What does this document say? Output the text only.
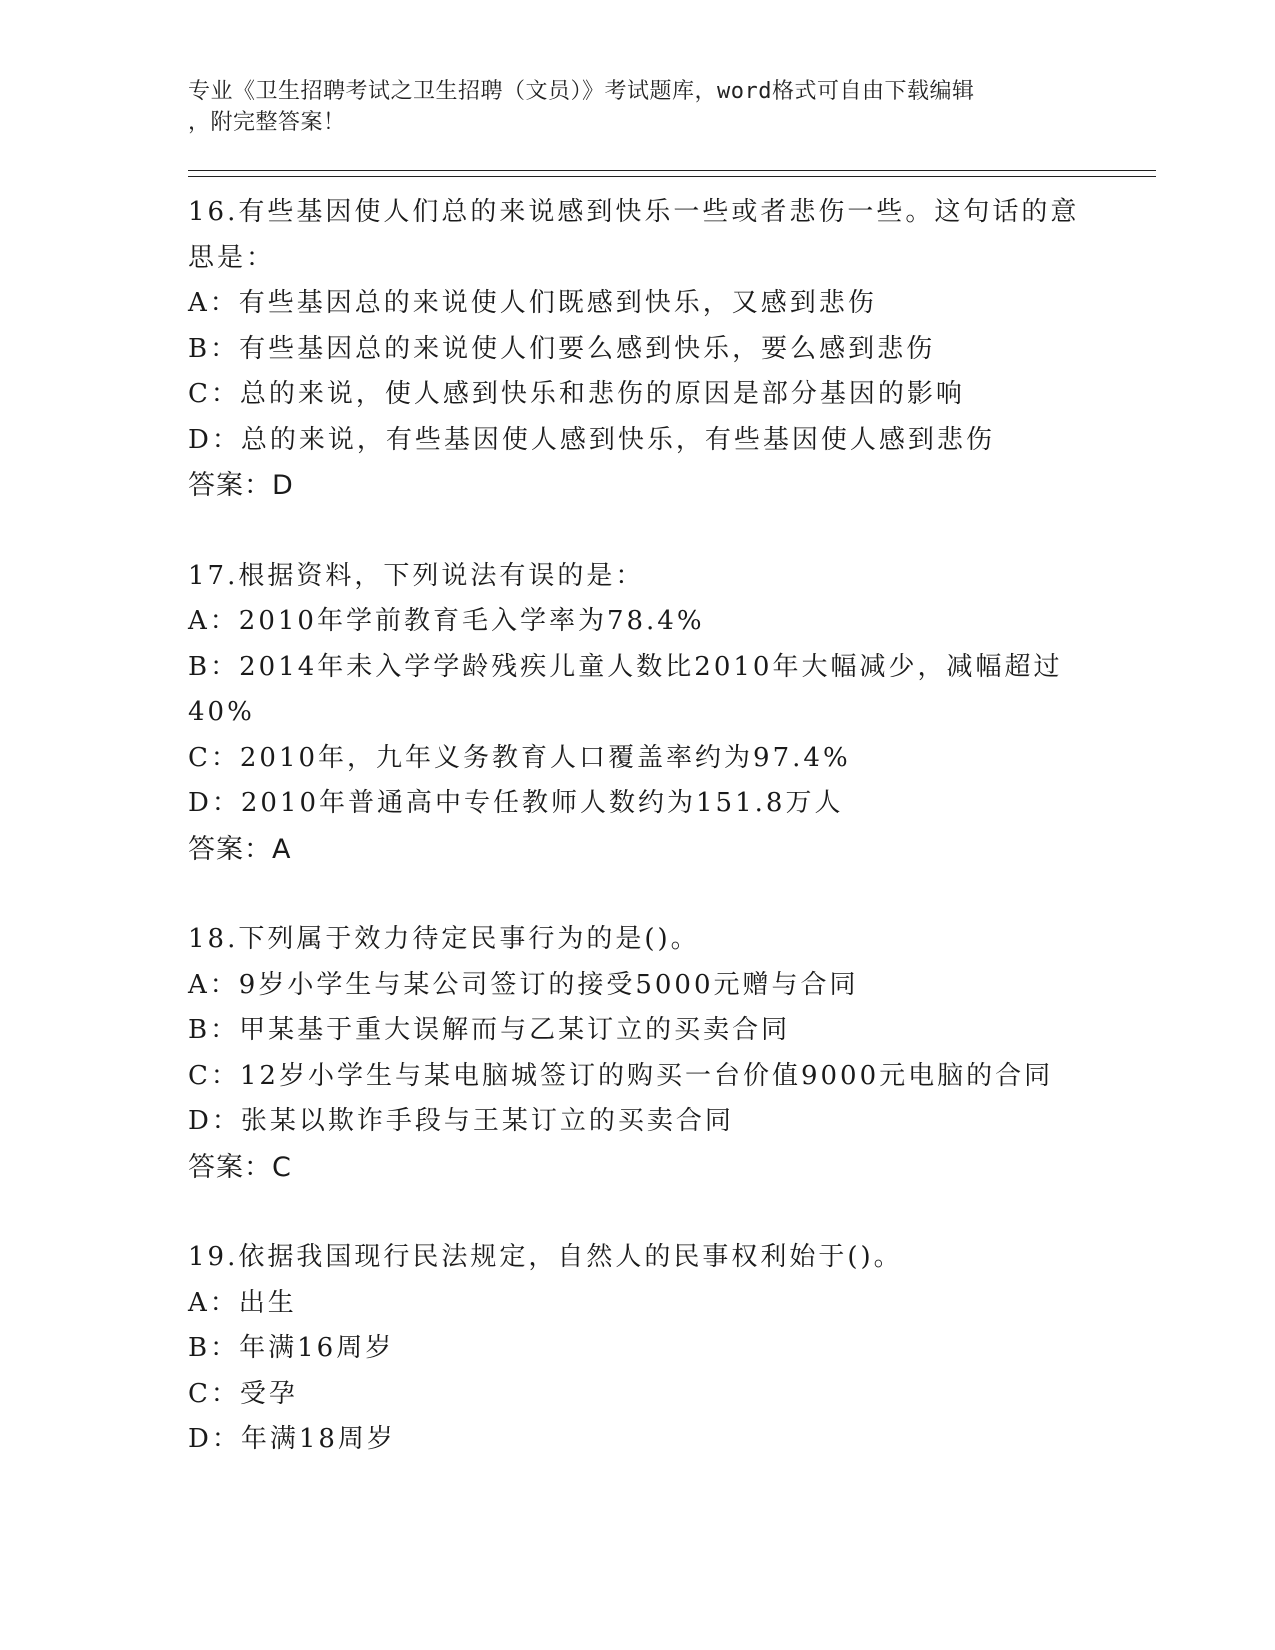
专业《卫生招聘考试之卫生招聘（文员）》考试题库，word格式可自由下载编辑
，附完整答案！
16.有些基因使人们总的来说感到快乐一些或者悲伤一些。这句话的意
思是：
A：有些基因总的来说使人们既感到快乐，又感到悲伤
B：有些基因总的来说使人们要么感到快乐，要么感到悲伤
C：总的来说，使人感到快乐和悲伤的原因是部分基因的影响
D：总的来说，有些基因使人感到快乐，有些基因使人感到悲伤
答案：D
17.根据资料，下列说法有误的是：
A：2010年学前教育毛入学率为78.4%
B：2014年未入学学龄残疾儿童人数比2010年大幅减少，减幅超过
40%
C：2010年，九年义务教育人口覆盖率约为97.4%
D：2010年普通高中专任教师人数约为151.8万人
答案：A
18.下列属于效力待定民事行为的是()。
A：9岁小学生与某公司签订的接受5000元赠与合同
B：甲某基于重大误解而与乙某订立的买卖合同
C：12岁小学生与某电脑城签订的购买一台价值9000元电脑的合同
D：张某以欺诈手段与王某订立的买卖合同
答案：C
19.依据我国现行民法规定，自然人的民事权利始于()。
A：出生
B：年满16周岁
C：受孕
D：年满18周岁
